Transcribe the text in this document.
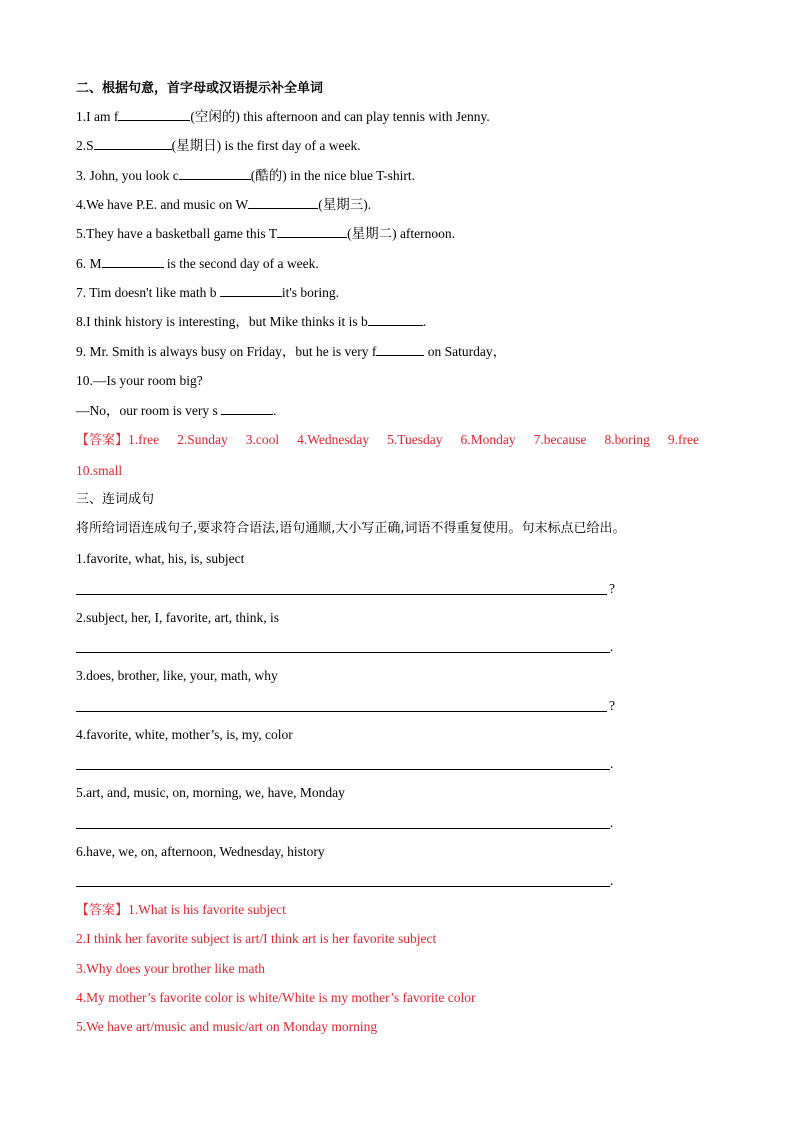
二、根据句意，首字母或汉语提示补全单词
1.I am f	(空闲的) this afternoon and can play tennis with Jenny.
2.S	(星期日) is the first day of a week.
3. John, you look c	(酷的) in the nice blue T-shirt.
4.We have P.E. and music on W	(星期三).
5.They have a basketball game this T	(星期二) afternoon.
6. M	is the second day of a week.
7. Tim doesn't like math b	it's boring.
8.I think history is interesting，but Mike thinks it is b	.
9. Mr. Smith is always busy on Friday，but he is very f	on Saturday，
10.—Is your room big?
—No，our room is very s	.
【答案】1.free 2.Sunday 3.cool 4.Wednesday 5.Tuesday 6.Monday 7.because 8.boring 9.free
10.small
三、连词成句
将所给词语连成句子,要求符合语法,语句通顺,大小写正确,词语不得重复使用。句末标点已给出。
1.favorite, what, his, is, subject
?
2.subject, her, I, favorite, art, think, is
.
3.does, brother, like, your, math, why
?
4.favorite, white, mother’s, is, my, color
.
5.art, and, music, on, morning, we, have, Monday
.
6.have, we, on, afternoon, Wednesday, history
.
【答案】1.What is his favorite subject
2.I think her favorite subject is art/I think art is her favorite subject
3.Why does your brother like math
4.My mother’s favorite color is white/White is my mother’s favorite color
5.We have art/music and music/art on Monday morning
